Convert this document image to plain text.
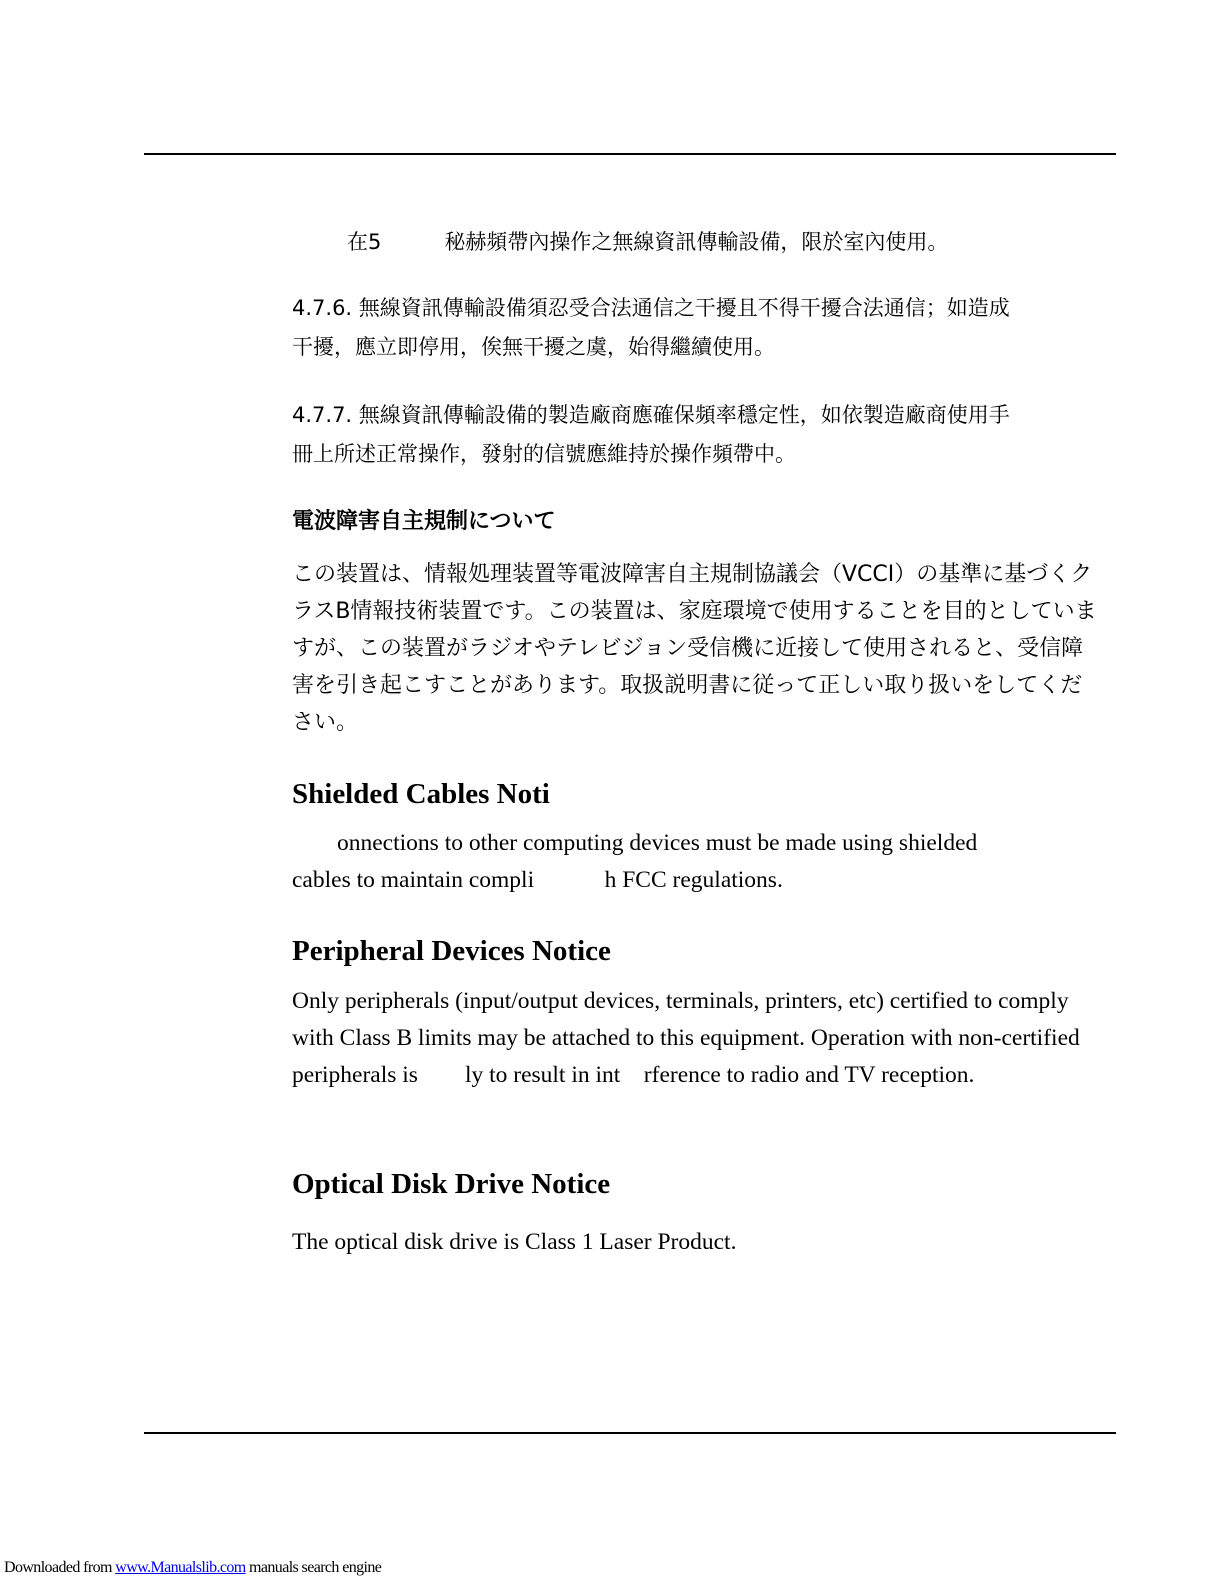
在5　　　秘赫頻帶內操作之無線資訊傳輸設備，限於室內使用。

4.7.6. 無線資訊傳輸設備須忍受合法通信之干擾且不得干擾合法通信；如造成

干擾，應立即停用，俟無干擾之虞，始得繼續使用。

4.7.7. 無線資訊傳輸設備的製造廠商應確保頻率穩定性，如依製造廠商使用手

冊上所述正常操作，發射的信號應維持於操作頻帶中。

電波障害自主規制について

この装置は、情報処理装置等電波障害自主規制協議会（VCCI）の基準に基づくクラスB情報技術装置です。この装置は、家庭環境で使用することを目的としていますが、この装置がラジオやテレビジョン受信機に近接して使用されると、受信障害を引き起こすことがあります。取扱説明書に従って正しい取り扱いをしてください。

Shielded Cables Noti

onnections to other computing devices must be made using shielded

cables to maintain compli　　　h FCC regulations.

Peripheral Devices Notice

Only peripherals (input/output devices, terminals, printers, etc) certified to comply with Class B limits may be attached to this equipment. Operation with non-certified peripherals is　　ly to result in int　rference to radio and TV reception.

Optical Disk Drive Notice

The optical disk drive is Class 1 Laser Product.

Downloaded from www.Manualslib.com manuals search engine
